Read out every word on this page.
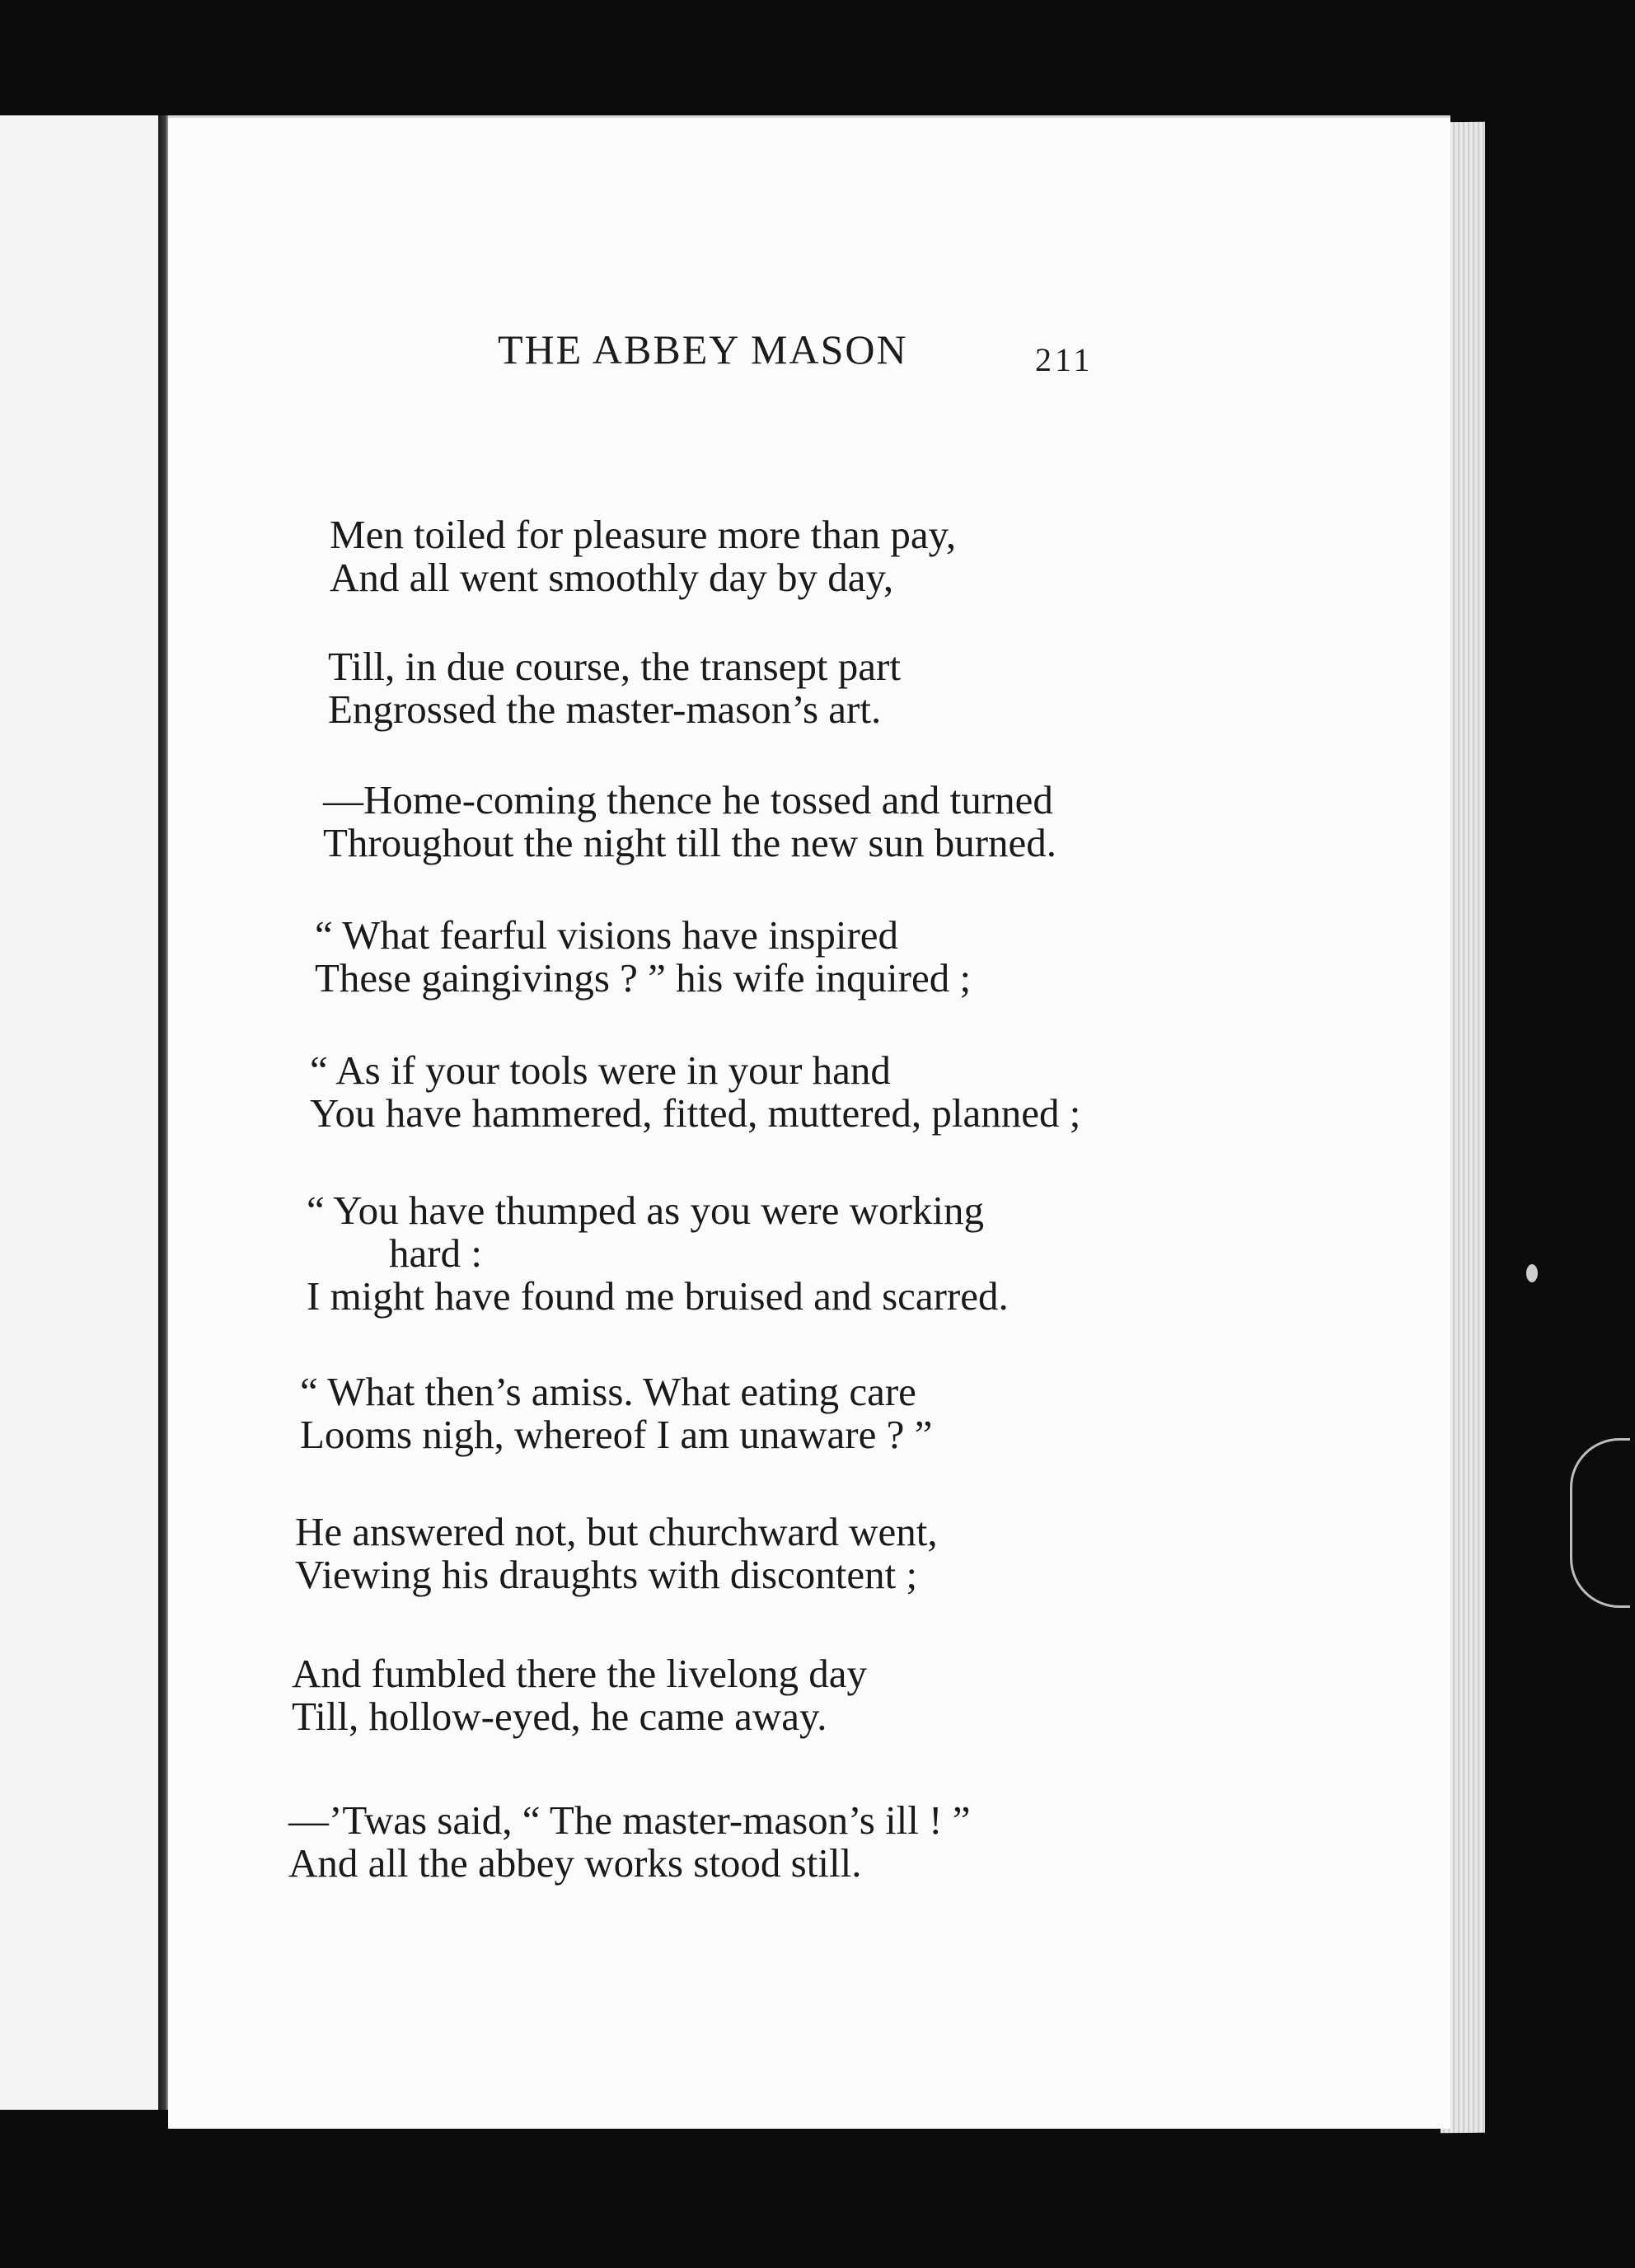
THE ABBEY MASON	211
Men toiled for pleasure more than pay,
And all went smoothly day by day,
Till, in due course, the transept part
Engrossed the master-mason’s art.
—Home-coming thence he tossed and turned
Throughout the night till the new sun burned.
“ What fearful visions have inspired
These gaingivings ? ” his wife inquired ;
“ As if your tools were in your hand
You have hammered, fitted, muttered, planned ;
“ You have thumped as you were working
hard :
I might have found me bruised and scarred.
“ What then’s amiss. What eating care
Looms nigh, whereof I am unaware ? ”
He answered not, but churchward went,
Viewing his draughts with discontent ;
And fumbled there the livelong day
Till, hollow-eyed, he came away.
—’Twas said, “ The master-mason’s ill ! ”
And all the abbey works stood still.
